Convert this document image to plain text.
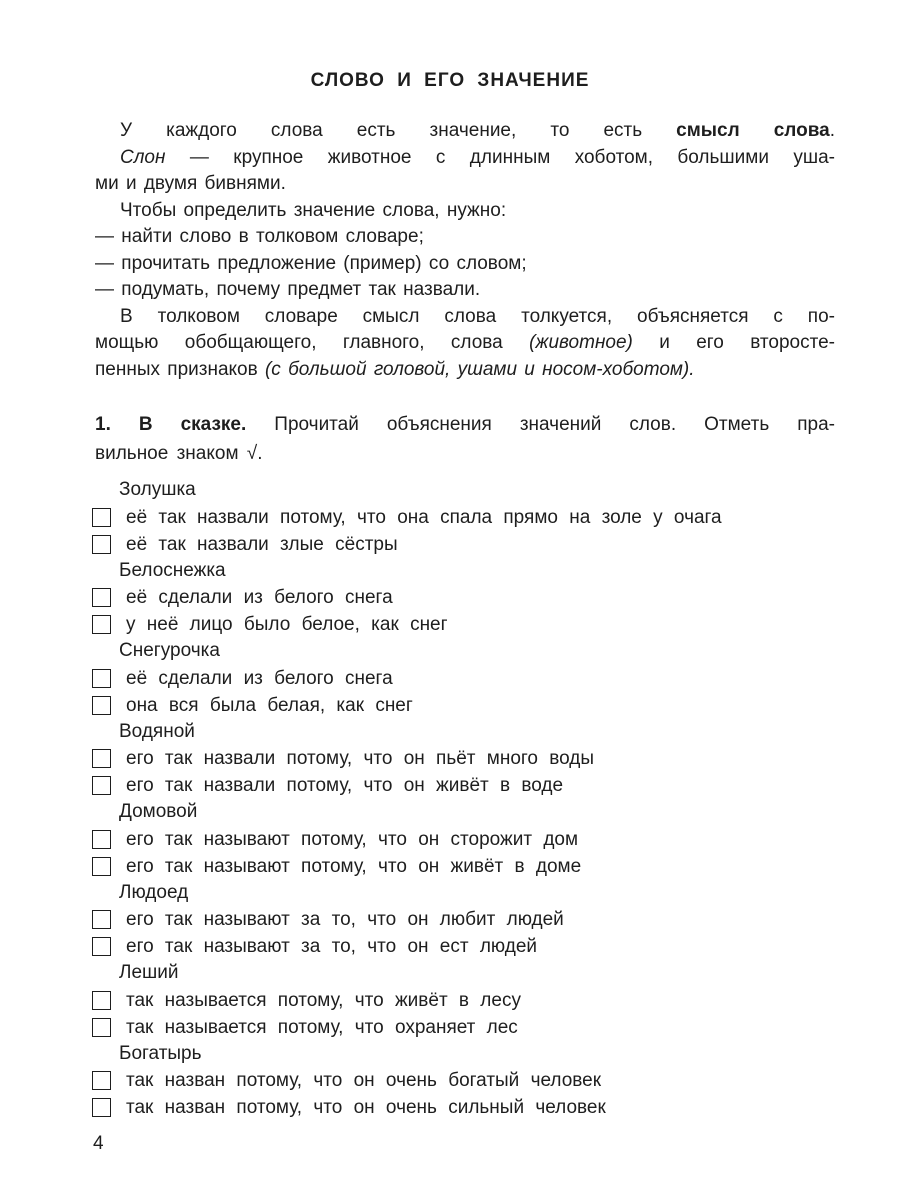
СЛОВО И ЕГО ЗНАЧЕНИЕ

У каждого слова есть значение, то есть смысл слова.

Слон — крупное животное с длинным хоботом, большими уша-

ми и двумя бивнями.

Чтобы определить значение слова, нужно:

— найти слово в толковом словаре;

— прочитать предложение (пример) со словом;

— подумать, почему предмет так назвали.

В толковом словаре смысл слова толкуется, объясняется с по-

мощью обобщающего, главного, слова (животное) и его второсте-

пенных признаков (с большой головой, ушами и носом-хоботом).

1. В сказке. Прочитай объяснения значений слов. Отметь пра-

вильное знаком √.

Золушка
её так назвали потому, что она спала прямо на золе у очага
её так назвали злые сёстры
Белоснежка
её сделали из белого снега
у неё лицо было белое, как снег
Снегурочка
её сделали из белого снега
она вся была белая, как снег
Водяной
его так назвали потому, что он пьёт много воды
его так назвали потому, что он живёт в воде
Домовой
его так называют потому, что он сторожит дом
его так называют потому, что он живёт в доме
Людоед
его так называют за то, что он любит людей
его так называют за то, что он ест людей
Леший
так называется потому, что живёт в лесу
так называется потому, что охраняет лес
Богатырь
так назван потому, что он очень богатый человек
так назван потому, что он очень сильный человек
4
